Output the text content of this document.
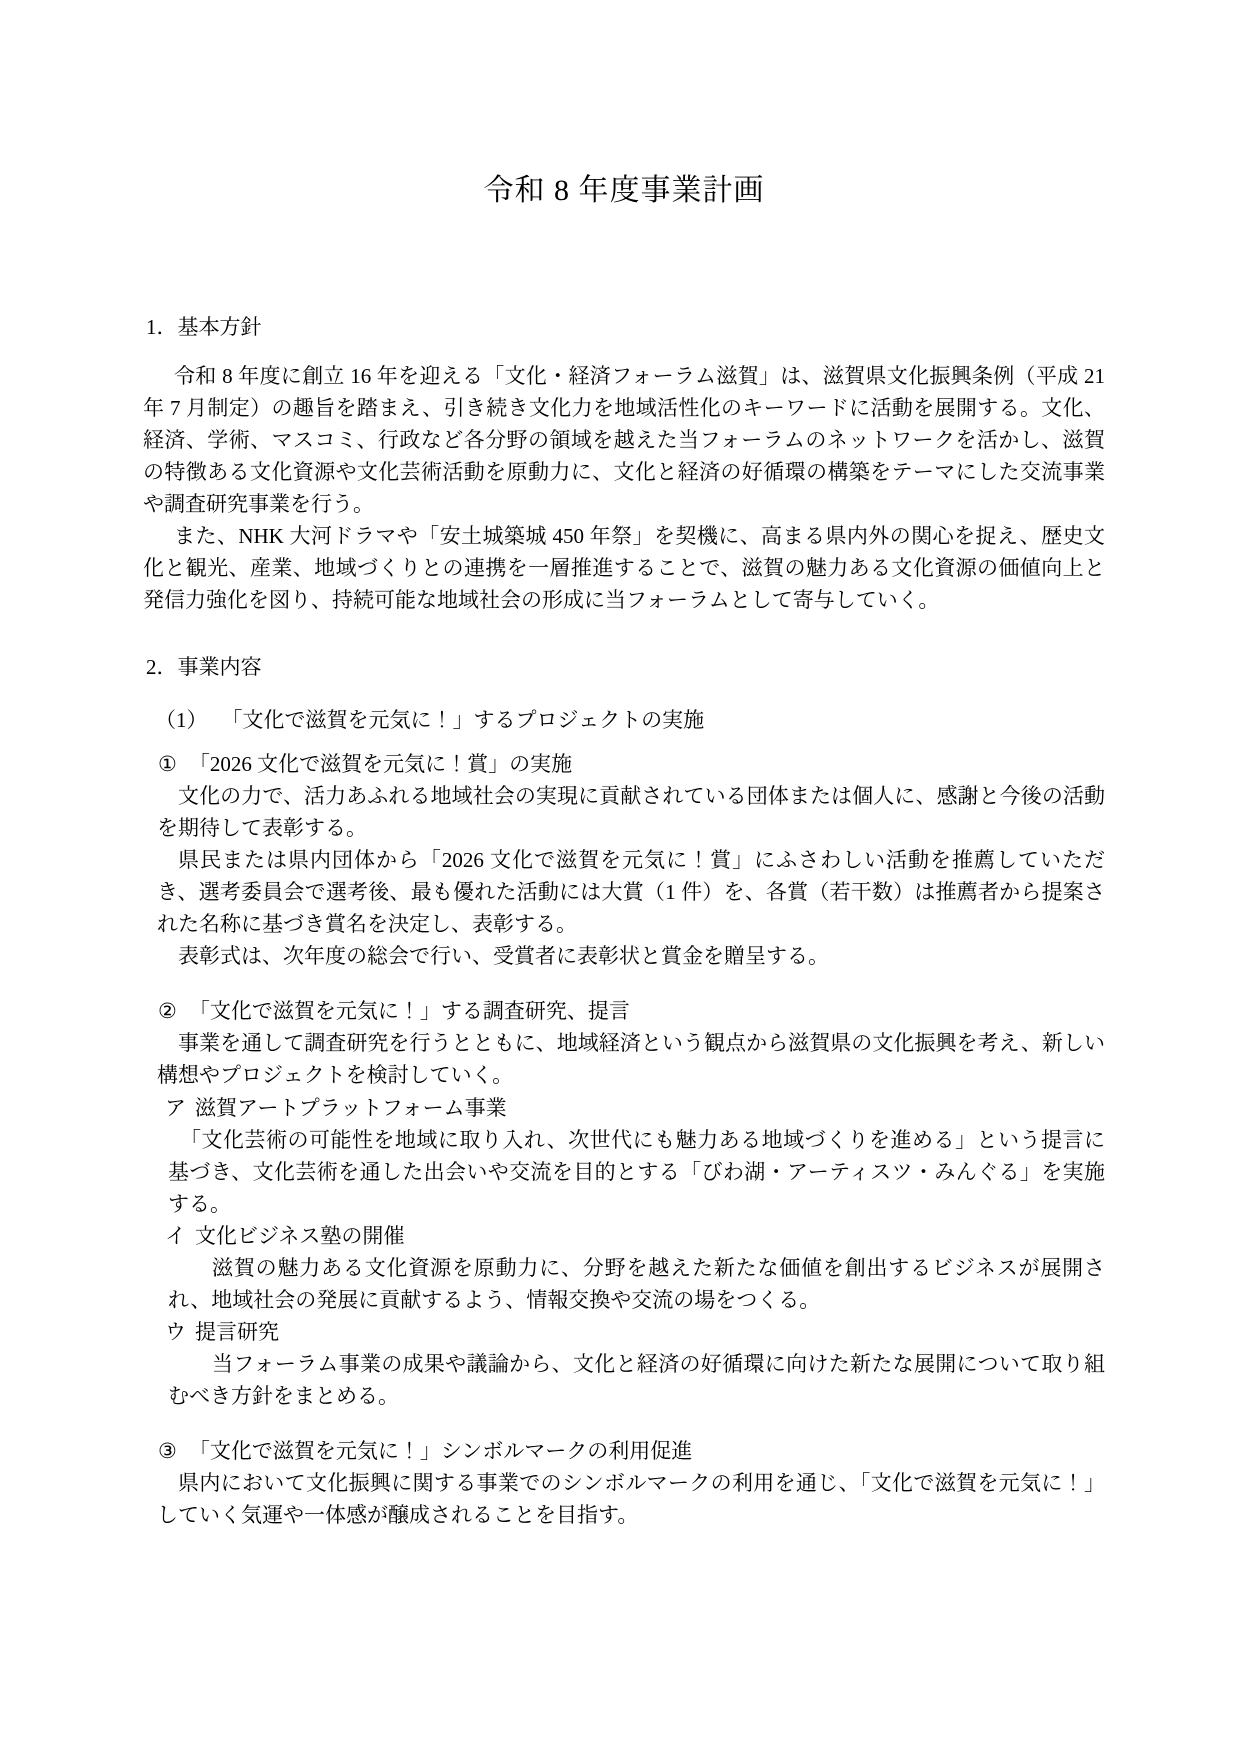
令和 8 年度事業計画
1．基本方針

令和 8 年度に創立 16 年を迎える「文化・経済フォーラム滋賀」は、滋賀県文化振興条例（平成 21 年 7 月制定）の趣旨を踏まえ、引き続き文化力を地域活性化のキーワードに活動を展開する。文化、経済、学術、マスコミ、行政など各分野の領域を越えた当フォーラムのネットワークを活かし、滋賀の特徴ある文化資源や文化芸術活動を原動力に、文化と経済の好循環の構築をテーマにした交流事業や調査研究事業を行う。

また、NHK 大河ドラマや「安土城築城 450 年祭」を契機に、高まる県内外の関心を捉え、歴史文化と観光、産業、地域づくりとの連携を一層推進することで、滋賀の魅力ある文化資源の価値向上と発信力強化を図り、持続可能な地域社会の形成に当フォーラムとして寄与していく。

2．事業内容
（1） 「文化で滋賀を元気に！」するプロジェクトの実施
① 「2026 文化で滋賀を元気に！賞」の実施

文化の力で、活力あふれる地域社会の実現に貢献されている団体または個人に、感謝と今後の活動を期待して表彰する。

県民または県内団体から「2026 文化で滋賀を元気に！賞」にふさわしい活動を推薦していただき、選考委員会で選考後、最も優れた活動には大賞（1 件）を、各賞（若干数）は推薦者から提案された名称に基づき賞名を決定し、表彰する。

表彰式は、次年度の総会で行い、受賞者に表彰状と賞金を贈呈する。

② 「文化で滋賀を元気に！」する調査研究、提言

事業を通して調査研究を行うとともに、地域経済という観点から滋賀県の文化振興を考え、新しい構想やプロジェクトを検討していく。

ア 滋賀アートプラットフォーム事業

「文化芸術の可能性を地域に取り入れ、次世代にも魅力ある地域づくりを進める」という提言に基づき、文化芸術を通した出会いや交流を目的とする「びわ湖・アーティスツ・みんぐる」を実施する。

イ 文化ビジネス塾の開催

滋賀の魅力ある文化資源を原動力に、分野を越えた新たな価値を創出するビジネスが展開され、地域社会の発展に貢献するよう、情報交換や交流の場をつくる。

ウ 提言研究

当フォーラム事業の成果や議論から、文化と経済の好循環に向けた新たな展開について取り組むべき方針をまとめる。

③ 「文化で滋賀を元気に！」シンボルマークの利用促進

県内において文化振興に関する事業でのシンボルマークの利用を通じ、「文化で滋賀を元気に！」していく気運や一体感が醸成されることを目指す。
